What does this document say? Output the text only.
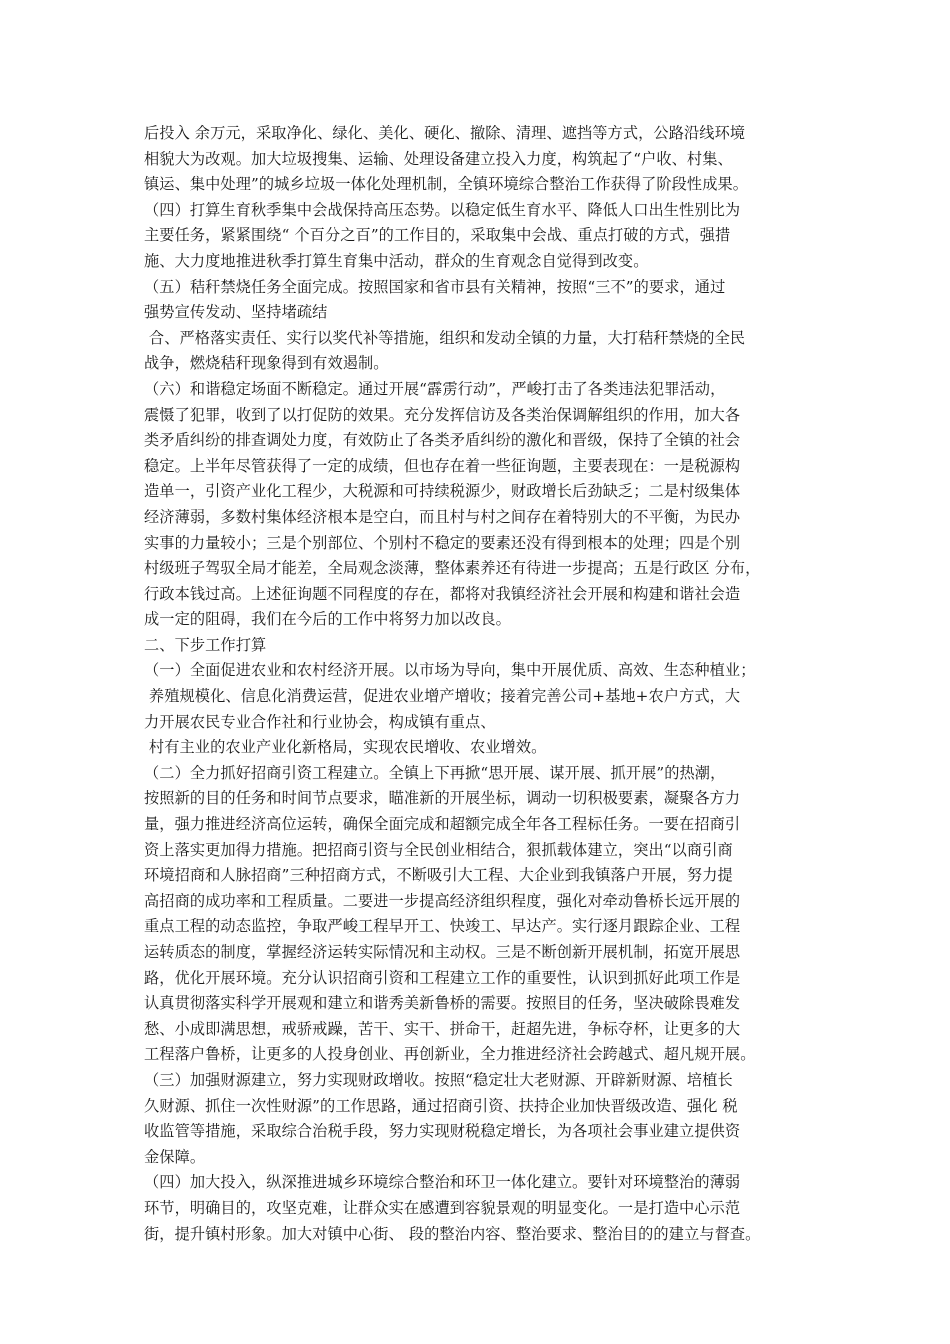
后投入 余万元，采取净化、绿化、美化、硬化、撤除、清理、遮挡等方式，公路沿线环境
相貌大为改观。加大垃圾搜集、运输、处理设备建立投入力度，构筑起了“户收、村集、
镇运、集中处理”的城乡垃圾一体化处理机制，全镇环境综合整治工作获得了阶段性成果。
（四）打算生育秋季集中会战保持高压态势。以稳定低生育水平、降低人口出生性别比为
主要任务，紧紧围绕“ 个百分之百”的工作目的，采取集中会战、重点打破的方式，强措
施、大力度地推进秋季打算生育集中活动，群众的生育观念自觉得到改变。
（五）秸秆禁烧任务全面完成。按照国家和省市县有关精神，按照“三不”的要求，通过
强势宣传发动、坚持堵疏结
合、严格落实责任、实行以奖代补等措施，组织和发动全镇的力量，大打秸秆禁烧的全民
战争，燃烧秸秆现象得到有效遏制。
（六）和谐稳定场面不断稳定。通过开展“霹雳行动”，严峻打击了各类违法犯罪活动，
震慑了犯罪，收到了以打促防的效果。充分发挥信访及各类治保调解组织的作用，加大各
类矛盾纠纷的排查调处力度，有效防止了各类矛盾纠纷的激化和晋级，保持了全镇的社会
稳定。上半年尽管获得了一定的成绩，但也存在着一些征询题，主要表现在：一是税源构
造单一，引资产业化工程少，大税源和可持续税源少，财政增长后劲缺乏；二是村级集体
经济薄弱，多数村集体经济根本是空白，而且村与村之间存在着特别大的不平衡，为民办
实事的力量较小；三是个别部位、个别村不稳定的要素还没有得到根本的处理；四是个别
村级班子驾驭全局才能差，全局观念淡薄，整体素养还有待进一步提高；五是行政区 分布，
行政本钱过高。上述征询题不同程度的存在，都将对我镇经济社会开展和构建和谐社会造
成一定的阻碍，我们在今后的工作中将努力加以改良。
二、下步工作打算
（一）全面促进农业和农村经济开展。以市场为导向，集中开展优质、高效、生态种植业；
养殖规模化、信息化消费运营，促进农业增产增收；接着完善公司+基地+农户方式，大
力开展农民专业合作社和行业协会，构成镇有重点、
村有主业的农业产业化新格局，实现农民增收、农业增效。
（二）全力抓好招商引资工程建立。全镇上下再掀“思开展、谋开展、抓开展”的热潮，
按照新的目的任务和时间节点要求，瞄准新的开展坐标，调动一切积极要素，凝聚各方力
量，强力推进经济高位运转，确保全面完成和超额完成全年各工程标任务。一要在招商引
资上落实更加得力措施。把招商引资与全民创业相结合，狠抓载体建立，突出“以商引商
环境招商和人脉招商”三种招商方式，不断吸引大工程、大企业到我镇落户开展，努力提
高招商的成功率和工程质量。二要进一步提高经济组织程度，强化对牵动鲁桥长远开展的
重点工程的动态监控，争取严峻工程早开工、快竣工、早达产。实行逐月跟踪企业、工程
运转质态的制度，掌握经济运转实际情况和主动权。三是不断创新开展机制，拓宽开展思
路，优化开展环境。充分认识招商引资和工程建立工作的重要性，认识到抓好此项工作是
认真贯彻落实科学开展观和建立和谐秀美新鲁桥的需要。按照目的任务，坚决破除畏难发
愁、小成即满思想，戒骄戒躁，苦干、实干、拼命干，赶超先进，争标夺杯，让更多的大
工程落户鲁桥，让更多的人投身创业、再创新业，全力推进经济社会跨越式、超凡规开展。
（三）加强财源建立，努力实现财政增收。按照“稳定壮大老财源、开辟新财源、培植长
久财源、抓住一次性财源”的工作思路，通过招商引资、扶持企业加快晋级改造、强化 税
收监管等措施，采取综合治税手段，努力实现财税稳定增长，为各项社会事业建立提供资
金保障。
（四）加大投入，纵深推进城乡环境综合整治和环卫一体化建立。要针对环境整治的薄弱
环节，明确目的，攻坚克难，让群众实在感遭到容貌景观的明显变化。一是打造中心示范
街，提升镇村形象。加大对镇中心街、 段的整治内容、整治要求、整治目的的建立与督查。
